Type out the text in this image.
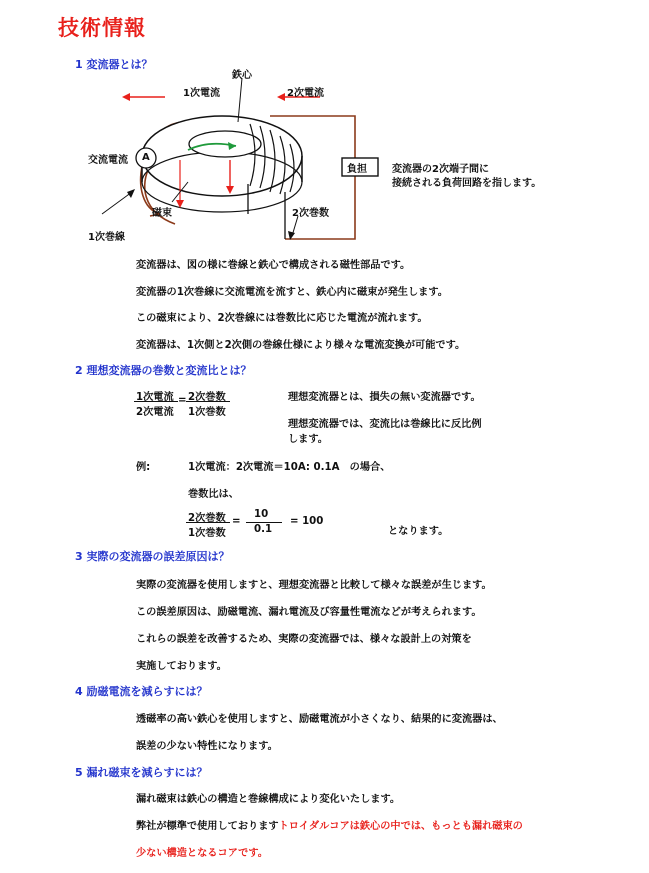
技術情報
1 変流器とは？
鉄心
1次電流	2次電流
交流電流 A
磁束	2次巻数
1次巻線
負担	変流器の2次端子間に
接続される負荷回路を指します。
変流器は、図の様に巻線と鉄心で構成される磁性部品です。
変流器の1次巻線に交流電流を流すと、鉄心内に磁束が発生します。
この磁束により、2次巻線には巻数比に応じた電流が流れます。
変流器は、1次側と2次側の巻線仕様により様々な電流変換が可能です。
2 理想変流器の巻数と変流比とは？
1次電流
2次電流
= 2次巻数
1次巻数
理想変流器とは、損失の無い変流器です。
理想変流器では、変流比は巻線比に反比例
します。
例:	1次電流：2次電流＝10A: 0.1A　の場合、
巻数比は、
2次巻数
1次巻数
=
10
0.1
= 100
となります。
3 実際の変流器の誤差原因は？
実際の変流器を使用しますと、理想変流器と比較して様々な誤差が生じます。
この誤差原因は、励磁電流、漏れ電流及び容量性電流などが考えられます。
これらの誤差を改善するため、実際の変流器では、様々な設計上の対策を
実施しております。
4 励磁電流を減らすには？
透磁率の高い鉄心を使用しますと、励磁電流が小さくなり、結果的に変流器は、
誤差の少ない特性になります。
5 漏れ磁束を減らすには？
漏れ磁束は鉄心の構造と巻線構成により変化いたします。
弊社が標準で使用しておりますトロイダルコアは鉄心の中では、もっとも漏れ磁束の
少ない構造となるコアです。
